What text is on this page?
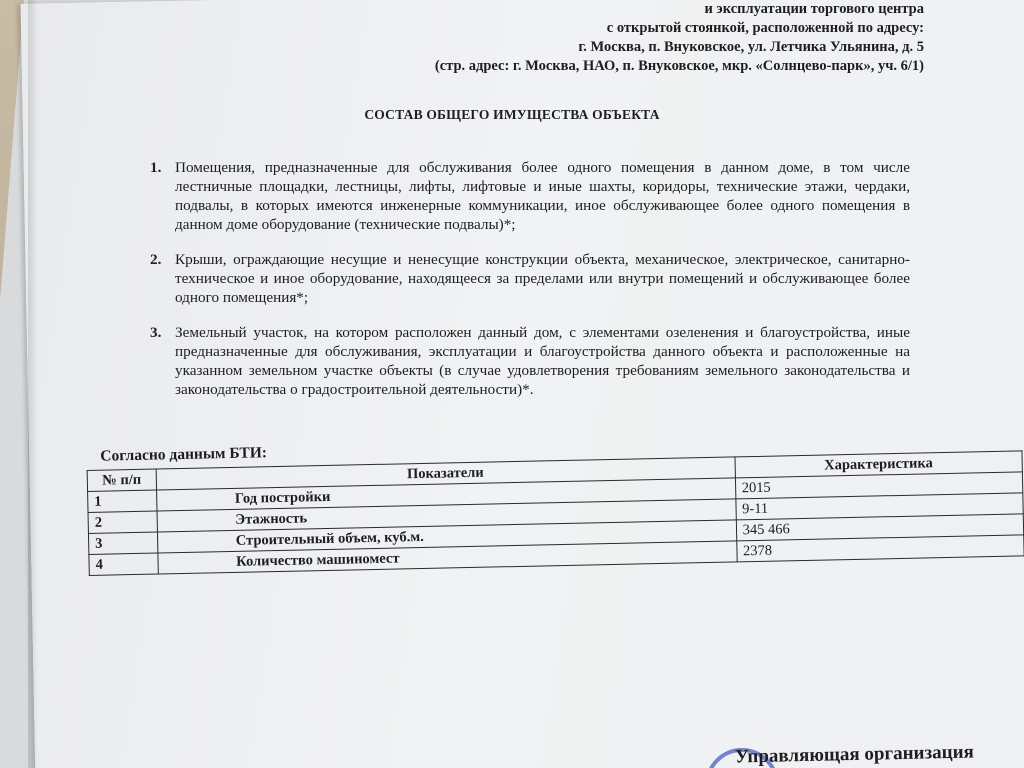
и эксплуатации торгового центра
с открытой стоянкой, расположенной по адресу:
г. Москва, п. Внуковское, ул. Летчика Ульянина, д. 5
(стр. адрес: г. Москва, НАО, п. Внуковское, мкр. «Солнцево-парк», уч. 6/1)
СОСТАВ ОБЩЕГО ИМУЩЕСТВА ОБЪЕКТА
1. Помещения, предназначенные для обслуживания более одного помещения в данном доме, в том числе лестничные площадки, лестницы, лифты, лифтовые и иные шахты, коридоры, технические этажи, чердаки, подвалы, в которых имеются инженерные коммуникации, иное обслуживающее более одного помещения в данном доме оборудование (технические подвалы)*;
2. Крыши, ограждающие несущие и ненесущие конструкции объекта, механическое, электрическое, санитарно-техническое и иное оборудование, находящееся за пределами или внутри помещений и обслуживающее более одного помещения*;
3. Земельный участок, на котором расположен данный дом, с элементами озеленения и благоустройства, иные предназначенные для обслуживания, эксплуатации и благоустройства данного объекта и расположенные на указанном земельном участке объекты (в случае удовлетворения требованиям земельного законодательства и законодательства о градостроительной деятельности)*.
Согласно данным БТИ:
№ п/п	Показатели	Характеристика
1	Год постройки	2015
2	Этажность	9-11
3	Строительный объем, куб.м.	345 466
4	Количество машиномест	2378
Управляющая организация
